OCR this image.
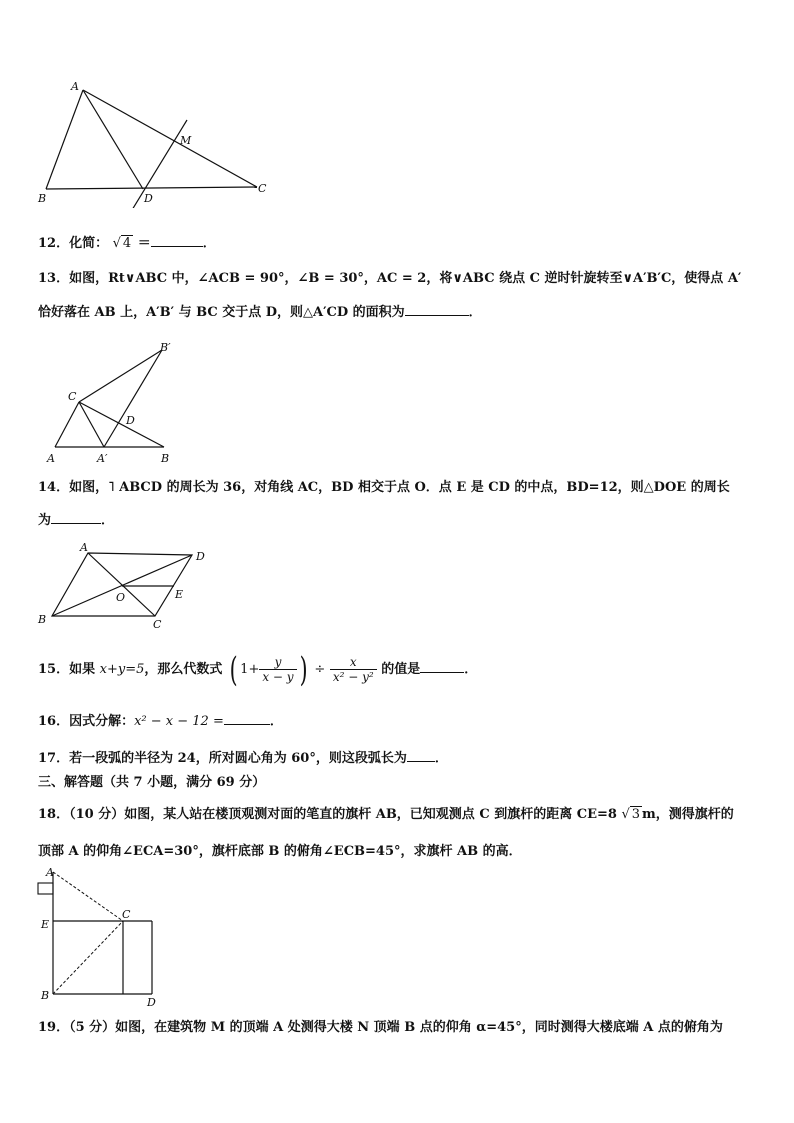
A
B
C
D
M
12．化简： √ 4 ＝	．
13．如图，Rt∨ABC 中，∠ACB = 90°，∠B = 30°，AC = 2，将∨ABC 绕点 C 逆时针旋转至∨A′B′C，使得点 A′
恰好落在 AB 上，A′B′ 与 BC 交于点 D，则△A′CD 的面积为	．
B′
C
D
A	A′	B
14．如图，˥ ABCD 的周长为 36，对角线 AC，BD 相交于点 O．点 E 是 CD 的中点，BD=12，则△DOE 的周长
为	．
A
D
O	E
B	C
15．如果 x+y=5，那么代数式 ( $1+ \frac{y}{x - y}$ ) ÷ $\frac{x}{\text{x² − y²}}$ 的值是	．
16．因式分解：x² − x − 12 =	．
17．若一段弧的半径为 24，所对圆心角为 60°，则这段弧长为 ．
三、解答题（共 7 小题，满分 69 分）
18．（10 分）如图，某人站在楼顶观测对面的笔直的旗杆 AB，已知观测点 C 到旗杆的距离 CE=8 √ 3 m，测得旗杆的
顶部 A 的仰角∠ECA=30°，旗杆底部 B 的俯角∠ECB=45°，求旗杆 AB 的高．
A
E
C
B
D
19．（5 分）如图，在建筑物 M 的顶端 A 处测得大楼 N 顶端 B 点的仰角 α=45°，同时测得大楼底端 A 点的俯角为
